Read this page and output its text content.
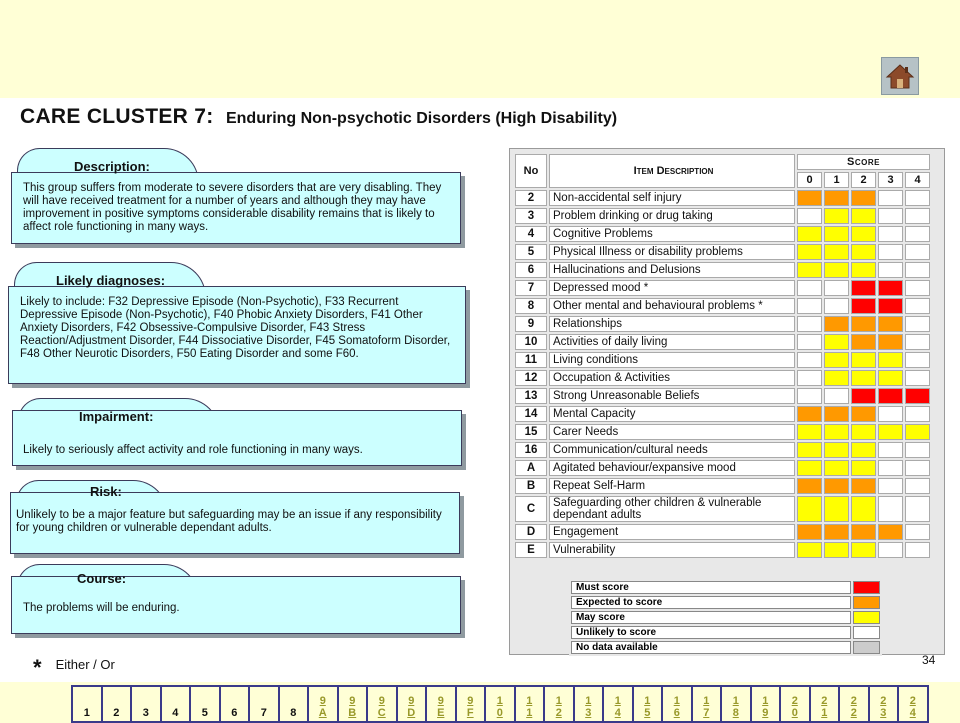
CARE CLUSTER 7: Enduring Non-psychotic Disorders (High Disability)
Description:
This group suffers from moderate to severe disorders that are very disabling. They will have received treatment for a number of years and although they may have improvement in positive symptoms considerable disability remains that is likely to affect role functioning in many ways.
Likely diagnoses:
Likely to include: F32 Depressive Episode (Non-Psychotic), F33 Recurrent Depressive Episode (Non-Psychotic), F40 Phobic Anxiety Disorders, F41 Other Anxiety Disorders, F42 Obsessive-Compulsive Disorder, F43 Stress Reaction/Adjustment Disorder, F44 Dissociative Disorder, F45 Somatoform Disorder, F48 Other Neurotic Disorders, F50 Eating Disorder and some F60.
Impairment:
Likely to seriously affect activity and role functioning in many ways.
Risk:
Unlikely to be a major feature but safeguarding may be an issue if any responsibility for young children or vulnerable dependant adults.
Course:
The problems will be enduring.
No	Item Description	Score				
		0	1	2	3	4
2	Non-accidental self injury					
3	Problem drinking or drug taking					
4	Cognitive Problems					
5	Physical Illness or disability problems					
6	Hallucinations and Delusions					
7	Depressed mood *					
8	Other mental and behavioural problems *					
9	Relationships					
10	Activities of daily living					
11	Living conditions					
12	Occupation & Activities					
13	Strong Unreasonable Beliefs					
14	Mental Capacity					
15	Carer Needs					
16	Communication/cultural needs					
A	Agitated behaviour/expansive mood					
B	Repeat Self-Harm					
C	Safeguarding other children & vulnerable dependant adults					
D	Engagement					
E	Vulnerability					
Must score	
Expected to score	
May score	
Unlikely to score	
No data available	
34
* Either / Or
1	2	3	4	5	6	7	8

9
A

9
B

9
C

9
D

9
E

9
F

1
0

1
1

1
2

1
3

1
4

1
5

1
6

1
7

1
8

1
9

2
0

2
1

2
2

2
3

2
4
